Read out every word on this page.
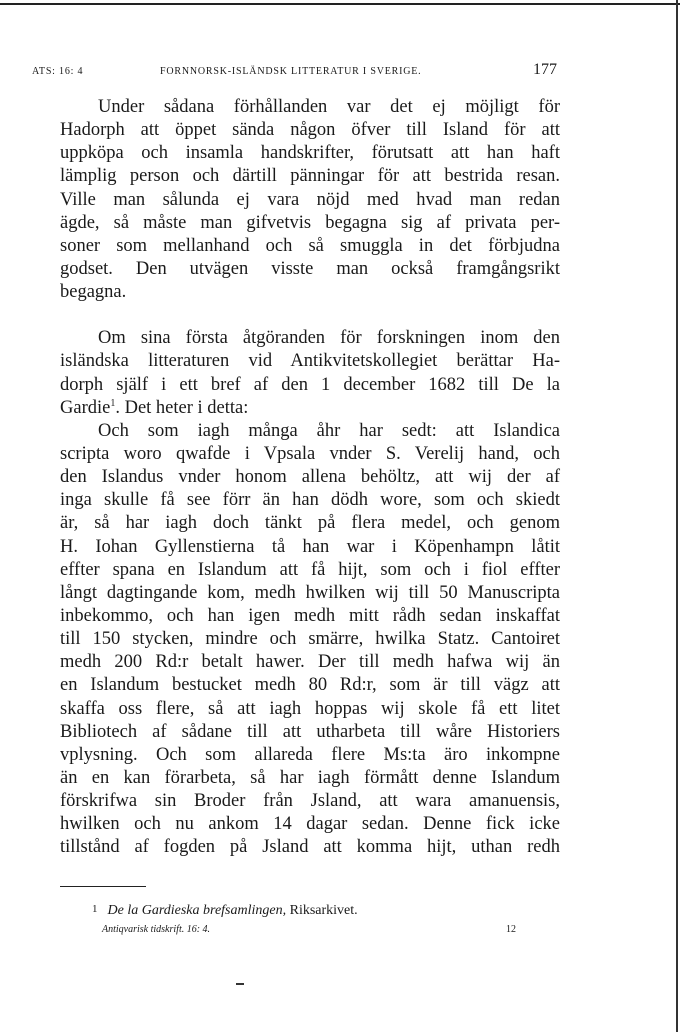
ATS: 16: 4	FORNNORSK-ISLÄNDSK LITTERATUR I SVERIGE.	177
Under sådana förhållanden var det ej möjligt för
Hadorph att öppet sända någon öfver till Island för att
uppköpa och insamla handskrifter, förutsatt att han haft
lämplig person och därtill pänningar för att bestrida resan.
Ville man sålunda ej vara nöjd med hvad man redan
ägde, så måste man gifvetvis begagna sig af privata per-
soner som mellanhand och så smuggla in det förbjudna
godset. Den utvägen visste man också framgångsrikt
begagna.
Om sina första åtgöranden för forskningen inom den
isländska litteraturen vid Antikvitetskollegiet berättar Ha-
dorph själf i ett bref af den 1 december 1682 till De la
Gardie$^1$. Det heter i detta:
Och som iagh många åhr har sedt: att Islandica
scripta woro qwafde i Vpsala vnder S. Verelij hand, och
den Islandus vnder honom allena behöltz, att wij der af
inga skulle få see förr än han dödh wore, som och skiedt
är, så har iagh doch tänkt på flera medel, och genom
H. Iohan Gyllenstierna tå han war i Köpenhampn låtit
effter spana en Islandum att få hijt, som och i fiol effter
långt dagtingande kom, medh hwilken wij till 50 Manuscripta
inbekommo, och han igen medh mitt rådh sedan inskaffat
till 150 stycken, mindre och smärre, hwilka Statz. Cantoiret
medh 200 Rd:r betalt hawer. Der till medh hafwa wij än
en Islandum bestucket medh 80 Rd:r, som är till vägz att
skaffa oss flere, så att iagh hoppas wij skole få ett litet
Bibliotech af sådane till att utharbeta till wåre Historiers
vplysning. Och som allareda flere Ms:ta äro inkompne
än en kan förarbeta, så har iagh förmått denne Islandum
förskrifwa sin Broder från Jsland, att wara amanuensis,
hwilken och nu ankom 14 dagar sedan. Denne fick icke
tillstånd af fogden på Jsland att komma hijt, uthan redh
$^1$ De la Gardieska brefsamlingen, Riksarkivet.
Antiqvarisk tidskrift. 16: 4.	12
